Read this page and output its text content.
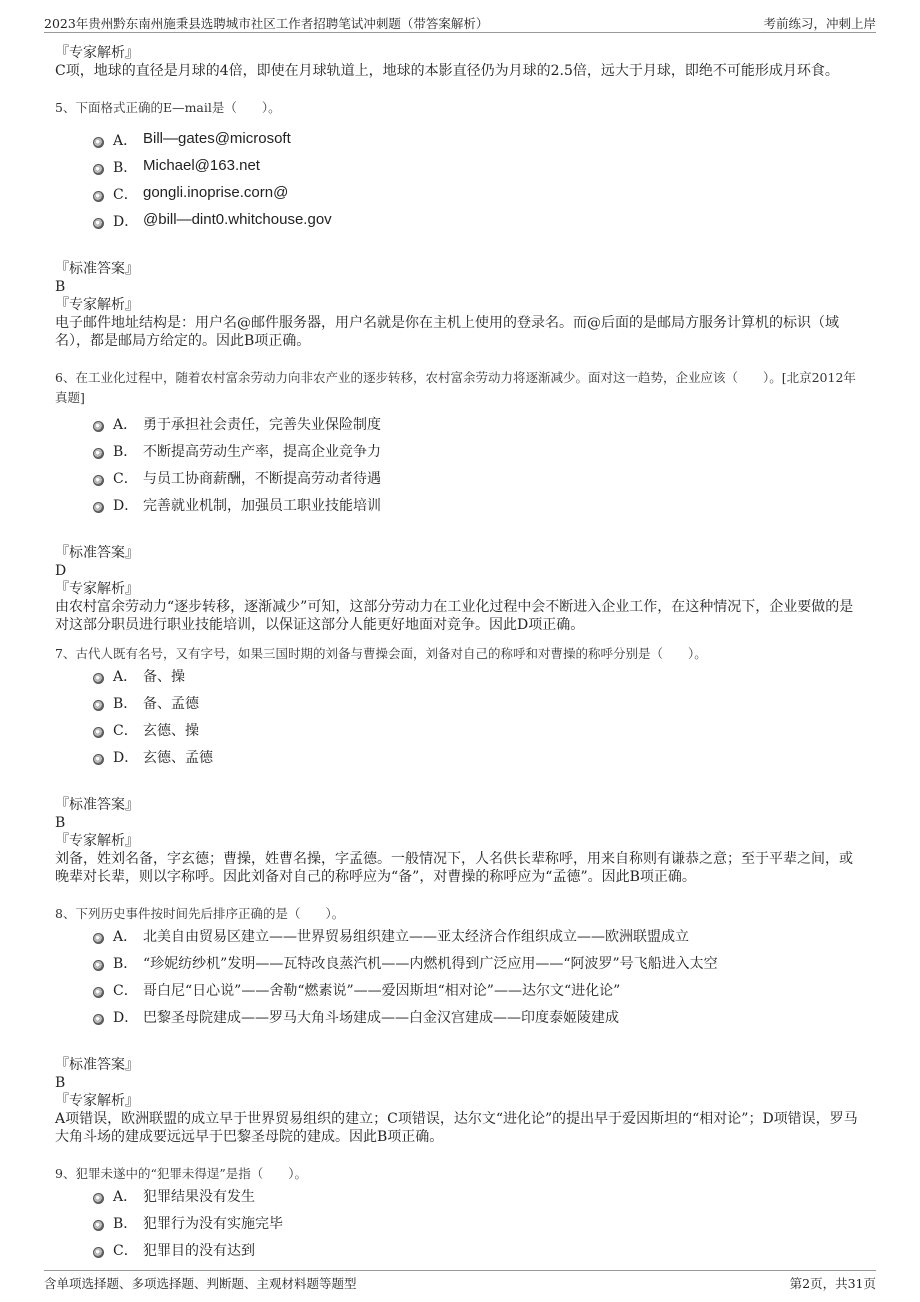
2023年贵州黔东南州施秉县选聘城市社区工作者招聘笔试冲刺题（带答案解析）	考前练习，冲刺上岸

『专家解析』

C项，地球的直径是月球的4倍，即使在月球轨道上，地球的本影直径仍为月球的2.5倍，远大于月球，即绝不可能形成月环食。

5、下面格式正确的E—mail是（　　）。

A． Bill—gates@microsoft
B． Michael@163.net
C． gongli.inoprise.corn@
D． @bill—dint0.whitchouse.gov

『标准答案』

B

『专家解析』

电子邮件地址结构是：用户名@邮件服务器，用户名就是你在主机上使用的登录名。而@后面的是邮局方服务计算机的标识（域名），都是邮局方给定的。因此B项正确。

6、在工业化过程中，随着农村富余劳动力向非农产业的逐步转移，农村富余劳动力将逐渐减少。面对这一趋势，企业应该（　　）。[北京2012年真题]

A． 勇于承担社会责任，完善失业保险制度
B． 不断提高劳动生产率，提高企业竞争力
C． 与员工协商薪酬，不断提高劳动者待遇
D． 完善就业机制，加强员工职业技能培训

『标准答案』

D

『专家解析』

由农村富余劳动力“逐步转移，逐渐减少”可知，这部分劳动力在工业化过程中会不断进入企业工作，在这种情况下，企业要做的是对这部分职员进行职业技能培训，以保证这部分人能更好地面对竞争。因此D项正确。

7、古代人既有名号，又有字号，如果三国时期的刘备与曹操会面，刘备对自己的称呼和对曹操的称呼分别是（　　）。

A． 备、操
B． 备、孟德
C． 玄德、操
D． 玄德、孟德

『标准答案』

B

『专家解析』

刘备，姓刘名备，字玄德；曹操，姓曹名操，字孟德。一般情况下，人名供长辈称呼，用来自称则有谦恭之意；至于平辈之间，或晚辈对长辈，则以字称呼。因此刘备对自己的称呼应为“备”，对曹操的称呼应为“孟德”。因此B项正确。

8、下列历史事件按时间先后排序正确的是（　　）。

A． 北美自由贸易区建立——世界贸易组织建立——亚太经济合作组织成立——欧洲联盟成立
B． “珍妮纺纱机”发明——瓦特改良蒸汽机——内燃机得到广泛应用——“阿波罗”号飞船进入太空
C． 哥白尼“日心说”——舍勒“燃素说”——爱因斯坦“相对论”——达尔文“进化论”
D． 巴黎圣母院建成——罗马大角斗场建成——白金汉宫建成——印度泰姬陵建成

『标准答案』

B

『专家解析』

A项错误，欧洲联盟的成立早于世界贸易组织的建立；C项错误，达尔文“进化论”的提出早于爱因斯坦的“相对论”；D项错误，罗马大角斗场的建成要远远早于巴黎圣母院的建成。因此B项正确。

9、犯罪未遂中的“犯罪未得逞”是指（　　）。

A． 犯罪结果没有发生
B． 犯罪行为没有实施完毕
C． 犯罪目的没有达到
含单项选择题、多项选择题、判断题、主观材料题等题型	第2页，共31页
